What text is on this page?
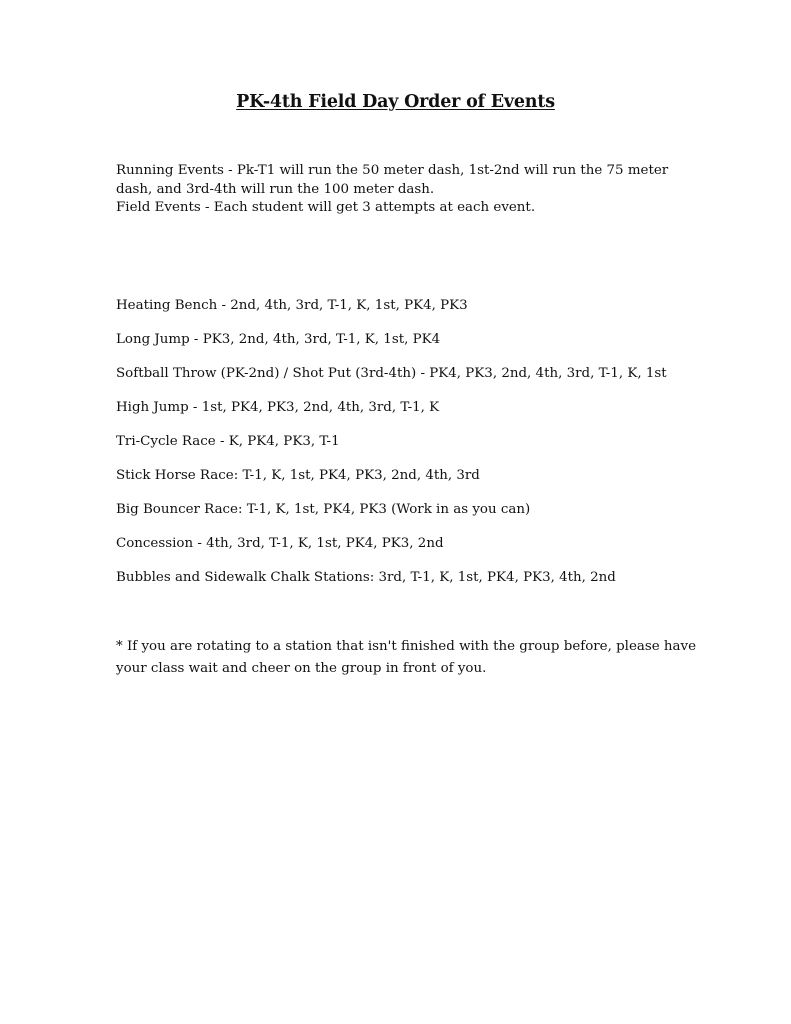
PK-4th Field Day Order of Events

Running Events - Pk-T1 will run the 50 meter dash, 1st-2nd will run the 75 meter dash, and 3rd-4th will run the 100 meter dash.

Field Events - Each student will get 3 attempts at each event.

Heating Bench - 2nd, 4th, 3rd, T-1, K, 1st, PK4, PK3
Long Jump - PK3, 2nd, 4th, 3rd, T-1, K, 1st, PK4
Softball Throw (PK-2nd) / Shot Put (3rd-4th) - PK4, PK3, 2nd, 4th, 3rd, T-1, K, 1st
High Jump - 1st, PK4, PK3, 2nd, 4th, 3rd, T-1, K
Tri-Cycle Race - K, PK4, PK3, T-1
Stick Horse Race: T-1, K, 1st, PK4, PK3, 2nd, 4th, 3rd
Big Bouncer Race: T-1, K, 1st, PK4, PK3 (Work in as you can)
Concession - 4th, 3rd, T-1, K, 1st, PK4, PK3, 2nd
Bubbles and Sidewalk Chalk Stations: 3rd, T-1, K, 1st, PK4, PK3, 4th, 2nd

* If you are rotating to a station that isn't finished with the group before, please have your class wait and cheer on the group in front of you.
